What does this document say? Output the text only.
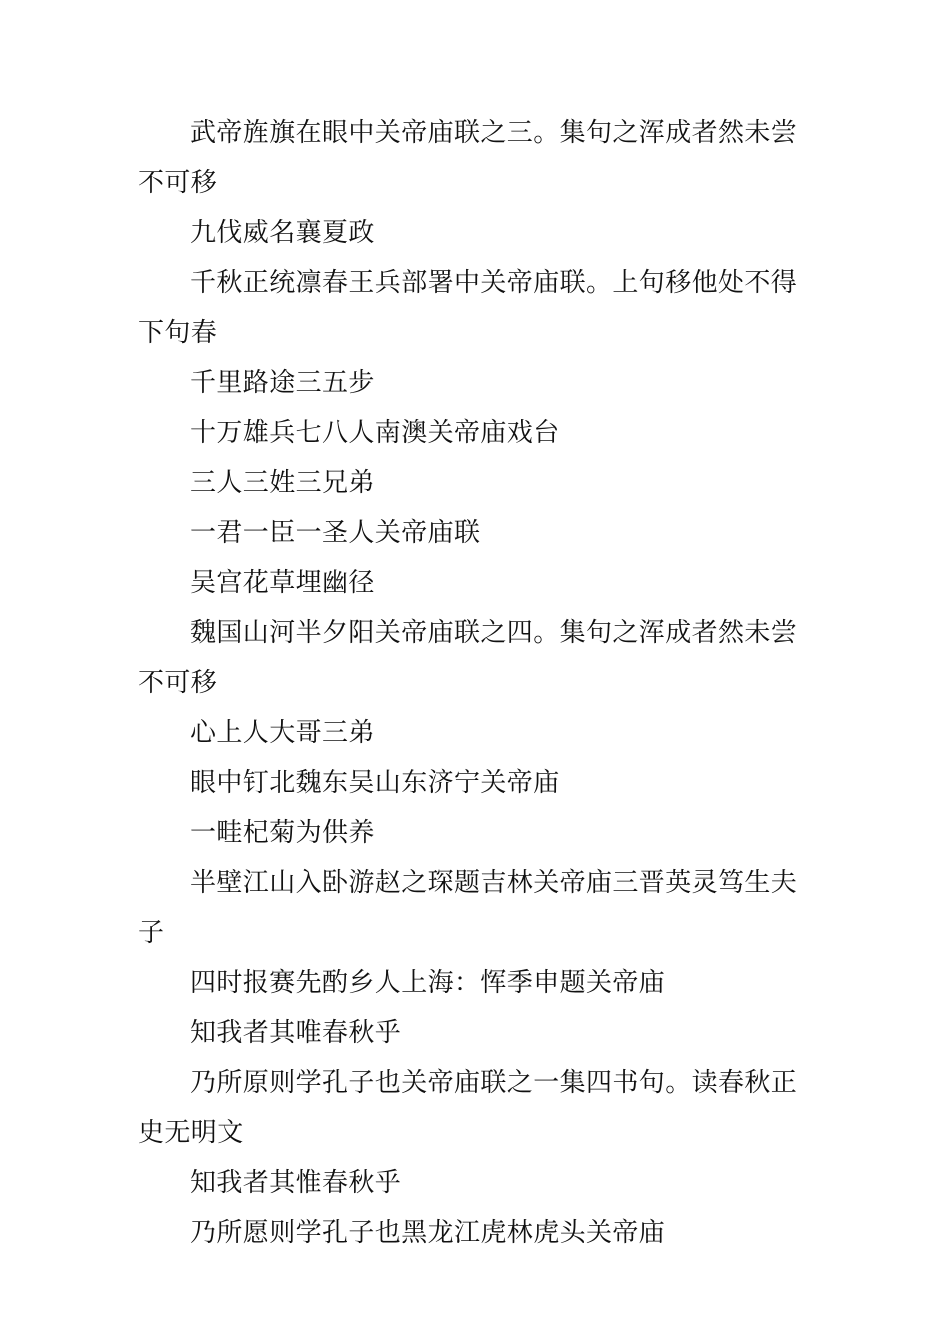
武帝旌旗在眼中关帝庙联之三。集句之浑成者然未尝不可移

九伐威名襄夏政

千秋正统凛春王兵部署中关帝庙联。上句移他处不得下句春

千里路途三五步

十万雄兵七八人南澳关帝庙戏台

三人三姓三兄弟

一君一臣一圣人关帝庙联

吴宫花草埋幽径

魏国山河半夕阳关帝庙联之四。集句之浑成者然未尝不可移

心上人大哥三弟

眼中钉北魏东吴山东济宁关帝庙

一畦杞菊为供养

半壁江山入卧游赵之琛题吉林关帝庙三晋英灵笃生夫子

四时报赛先酌乡人上海：恽季申题关帝庙

知我者其唯春秋乎

乃所原则学孔子也关帝庙联之一集四书句。读春秋正史无明文

知我者其惟春秋乎

乃所愿则学孔子也黑龙江虎林虎头关帝庙
